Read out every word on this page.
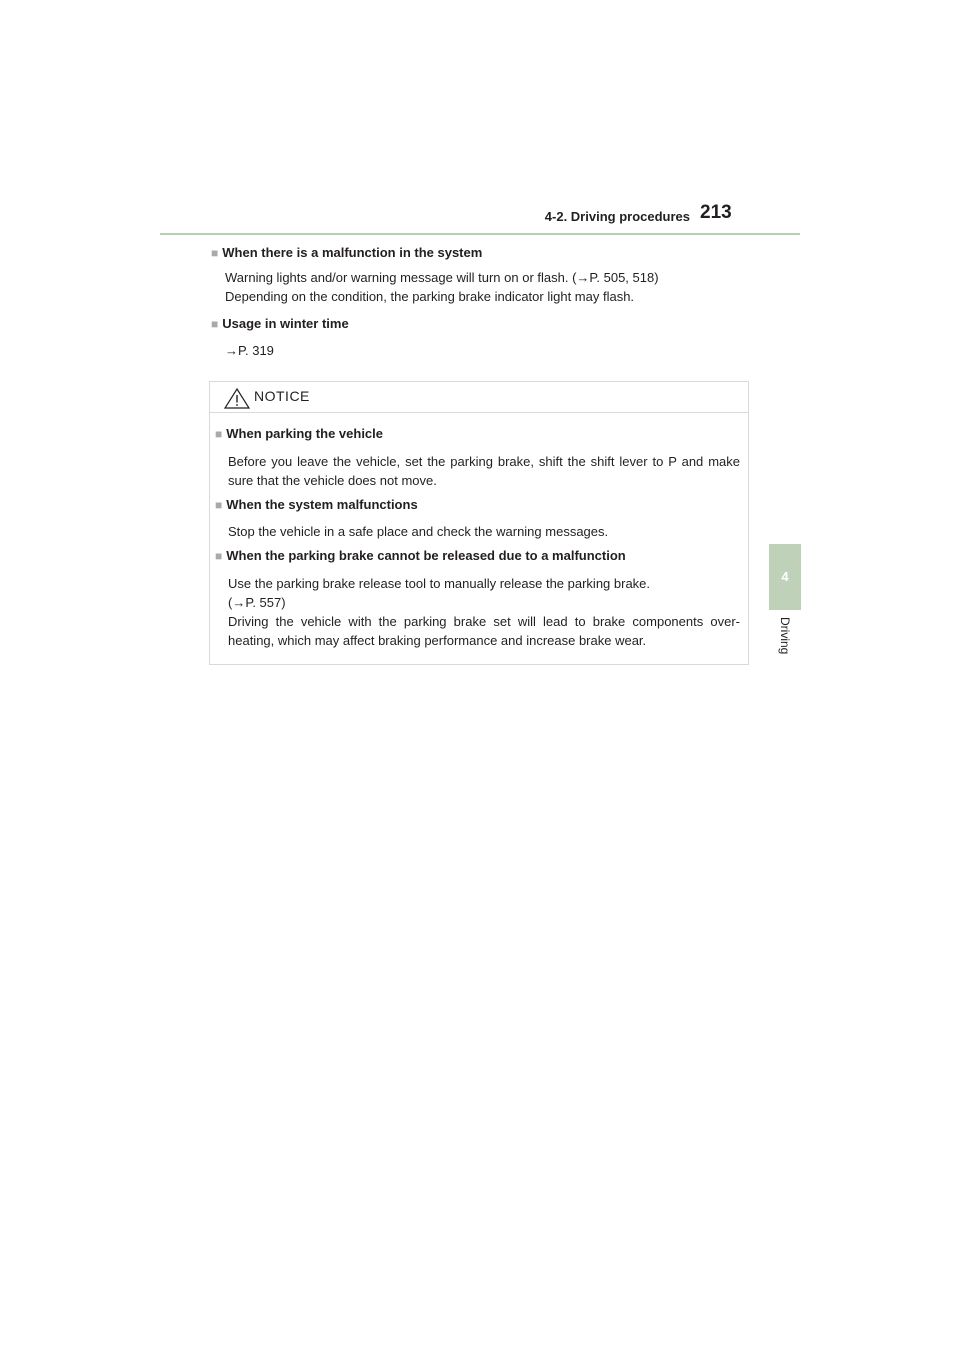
4-2. Driving procedures 213
4
Driving
■ When there is a malfunction in the system
Warning lights and/or warning message will turn on or flash. (→P. 505, 518)
Depending on the condition, the parking brake indicator light may flash.
■ Usage in winter time
→P. 319
NOTICE
■ When parking the vehicle
Before you leave the vehicle, set the parking brake, shift the shift lever to P and make sure that the vehicle does not move.
■ When the system malfunctions
Stop the vehicle in a safe place and check the warning messages.
■ When the parking brake cannot be released due to a malfunction
Use the parking brake release tool to manually release the parking brake.
(→P. 557)
Driving the vehicle with the parking brake set will lead to brake components over-heating, which may affect braking performance and increase brake wear.
